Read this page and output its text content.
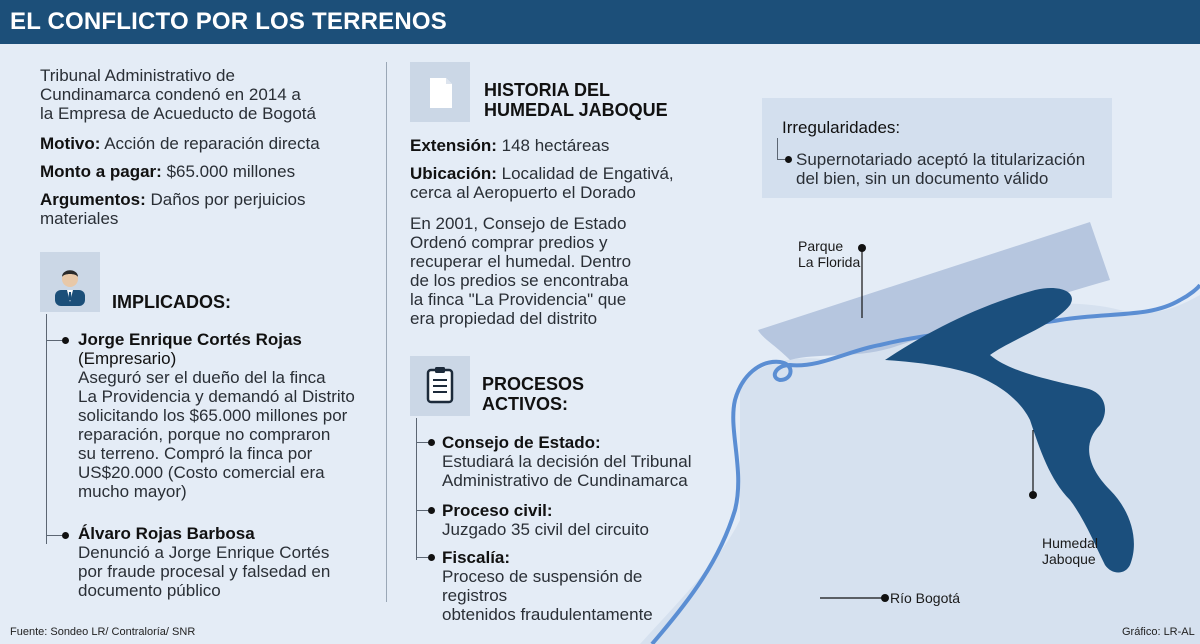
EL CONFLICTO POR LOS TERRENOS
Parque
La Florida
Humedal
Jaboque
Río Bogotá
Tribunal Administrativo de
Cundinamarca condenó en 2014 a
la Empresa de Acueducto de Bogotá
Motivo: Acción de reparación directa
Monto a pagar: $65.000 millones
Argumentos: Daños por perjuicios
materiales
IMPLICADOS:
Jorge Enrique Cortés Rojas
(Empresario)
Aseguró ser el dueño del la finca
La Providencia y demandó al Distrito
solicitando los $65.000 millones por
reparación, porque no compraron
su terreno. Compró la finca por
US$20.000 (Costo comercial era
mucho mayor)
Álvaro Rojas Barbosa
Denunció a Jorge Enrique Cortés
por fraude procesal y falsedad en
documento público
HISTORIA DEL
HUMEDAL JABOQUE
Extensión: 148 hectáreas
Ubicación: Localidad de Engativá,
cerca al Aeropuerto el Dorado
En 2001, Consejo de Estado
Ordenó comprar predios y
recuperar el humedal. Dentro
de los predios se encontraba
la finca "La Providencia" que
era propiedad del distrito
PROCESOS
ACTIVOS:
Consejo de Estado:
Estudiará la decisión del Tribunal
Administrativo de Cundinamarca
Proceso civil:
Juzgado 35 civil del circuito
Fiscalía:
Proceso de suspensión de registros
obtenidos fraudulentamente
Irregularidades:
Supernotariado aceptó la titularización
del bien, sin un documento válido
Fuente: Sondeo LR/ Contraloría/ SNR	Gráfico: LR-AL
